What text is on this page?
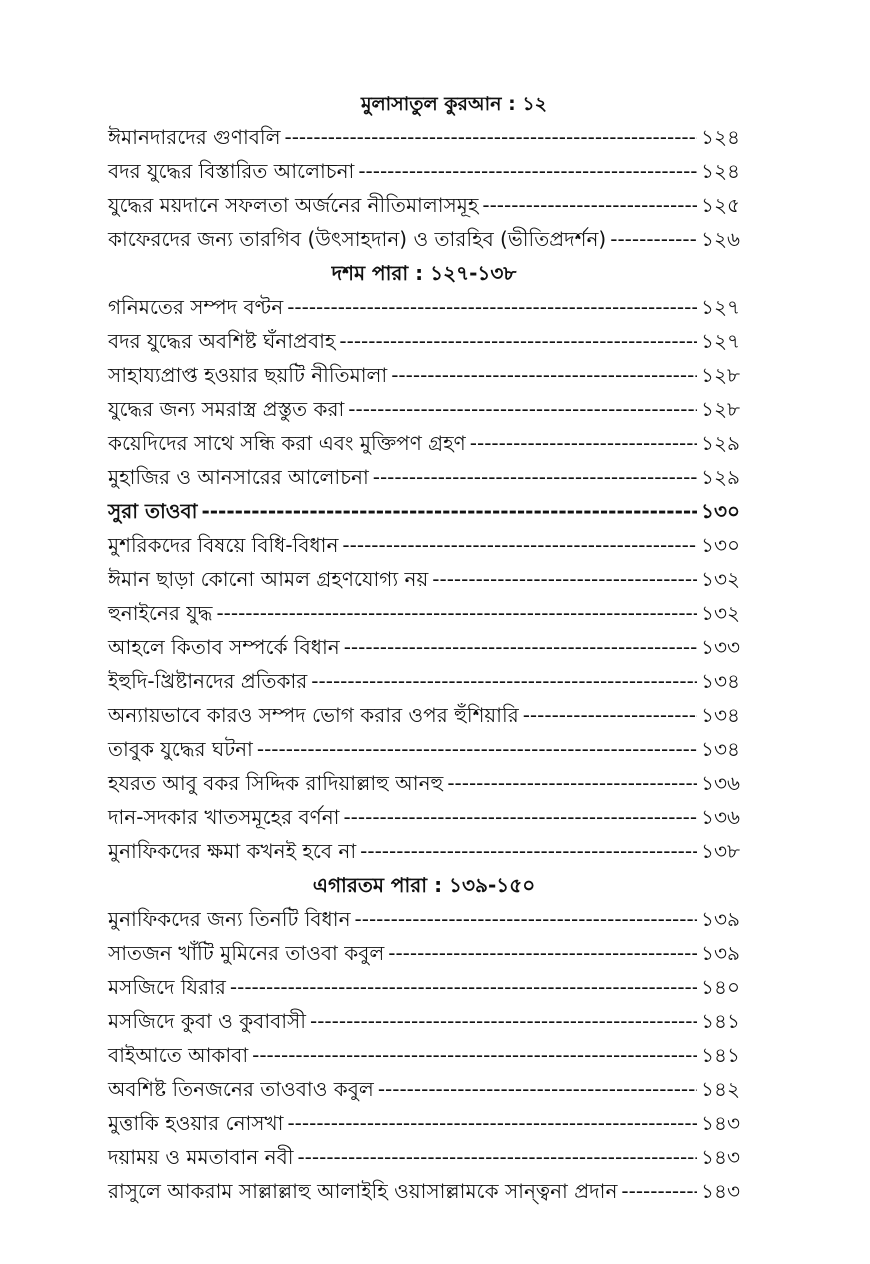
মুলাসাতুল কুরআন : ১২
ঈমানদারদের গুণাবলি -----	১২৪
বদর যুদ্ধের বিস্তারিত আলোচনা -----	১২৪
যুদ্ধের ময়দানে সফলতা অর্জনের নীতিমালাসমূহ -----	১২৫
কাফেরদের জন্য তারগিব (উৎসাহদান) ও তারহিব (ভীতিপ্রদর্শন) -----	১২৬
দশম পারা : ১২৭-১৩৮
গনিমতের সম্পদ বণ্টন -----	১২৭
বদর যুদ্ধের অবশিষ্ট ঘঁনাপ্রবাহ -----	১২৭
সাহায্যপ্রাপ্ত হওয়ার ছয়টি নীতিমালা -----	১২৮
যুদ্ধের জন্য সমরাস্ত্র প্রস্তুত করা -----	১২৮
কয়েদিদের সাথে সন্ধি করা এবং মুক্তিপণ গ্রহণ -----	১২৯
মুহাজির ও আনসারের আলোচনা -----	১২৯
সুরা তাওবা -----	১৩০
মুশরিকদের বিষয়ে বিধি-বিধান -----	১৩০
ঈমান ছাড়া কোনো আমল গ্রহণযোগ্য নয় -----	১৩২
হুনাইনের যুদ্ধ -----	১৩২
আহলে কিতাব সম্পর্কে বিধান -----	১৩৩
ইহুদি-খ্রিষ্টানদের প্রতিকার -----	১৩৪
অন্যায়ভাবে কারও সম্পদ ভোগ করার ওপর হুঁশিয়ারি -----	১৩৪
তাবুক যুদ্ধের ঘটনা -----	১৩৪
হযরত আবু বকর সিদ্দিক রাদিয়াল্লাহু আনহু -----	১৩৬
দান-সদকার খাতসমূহের বর্ণনা -----	১৩৬
মুনাফিকদের ক্ষমা কখনই হবে না -----	১৩৮
এগারতম পারা : ১৩৯-১৫০
মুনাফিকদের জন্য তিনটি বিধান -----	১৩৯
সাতজন খাঁটি মুমিনের তাওবা কবুল -----	১৩৯
মসজিদে যিরার -----	১৪০
মসজিদে কুবা ও কুবাবাসী -----	১৪১
বাইআতে আকাবা -----	১৪১
অবশিষ্ট তিনজনের তাওবাও কবুল -----	১৪২
মুত্তাকি হওয়ার নোসখা -----	১৪৩
দয়াময় ও মমতাবান নবী -----	১৪৩
রাসুলে আকরাম সাল্লাল্লাহু আলাইহি ওয়াসাল্লামকে সান্ত্বনা প্রদান -----	১৪৩
